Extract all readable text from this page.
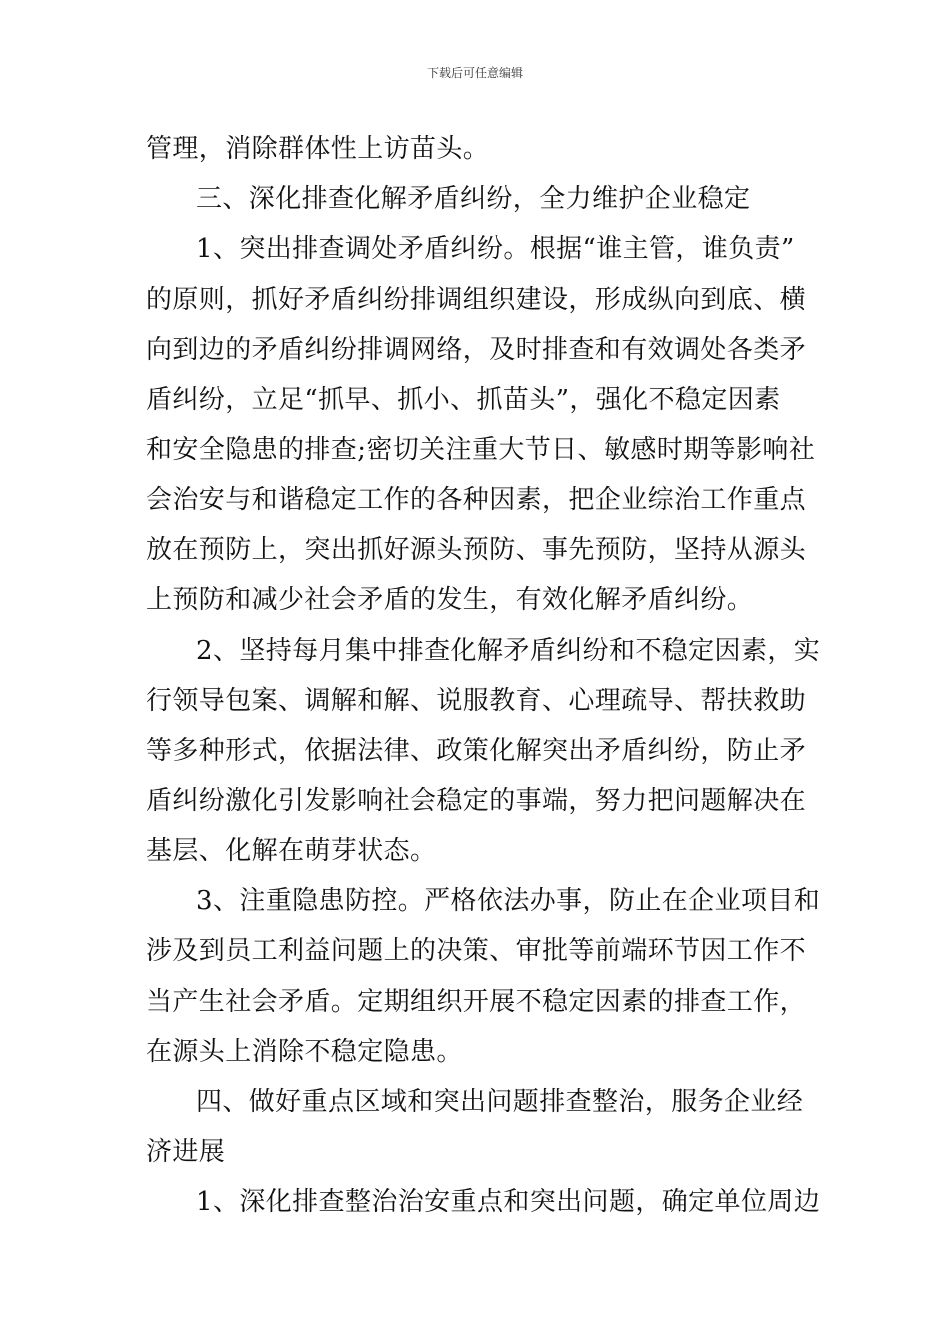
下载后可任意编辑
管理，消除群体性上访苗头。
三、深化排查化解矛盾纠纷，全力维护企业稳定
1、突出排查调处矛盾纠纷。根据“谁主管，谁负责”
的原则，抓好矛盾纠纷排调组织建设，形成纵向到底、横
向到边的矛盾纠纷排调网络，及时排查和有效调处各类矛
盾纠纷，立足“抓早、抓小、抓苗头”，强化不稳定因素
和安全隐患的排查;密切关注重大节日、敏感时期等影响社
会治安与和谐稳定工作的各种因素，把企业综治工作重点
放在预防上，突出抓好源头预防、事先预防，坚持从源头
上预防和减少社会矛盾的发生，有效化解矛盾纠纷。
2、坚持每月集中排查化解矛盾纠纷和不稳定因素，实
行领导包案、调解和解、说服教育、心理疏导、帮扶救助
等多种形式，依据法律、政策化解突出矛盾纠纷，防止矛
盾纠纷激化引发影响社会稳定的事端，努力把问题解决在
基层、化解在萌芽状态。
3、注重隐患防控。严格依法办事，防止在企业项目和
涉及到员工利益问题上的决策、审批等前端环节因工作不
当产生社会矛盾。定期组织开展不稳定因素的排查工作，
在源头上消除不稳定隐患。
四、做好重点区域和突出问题排查整治，服务企业经
济进展
1、深化排查整治治安重点和突出问题，确定单位周边
